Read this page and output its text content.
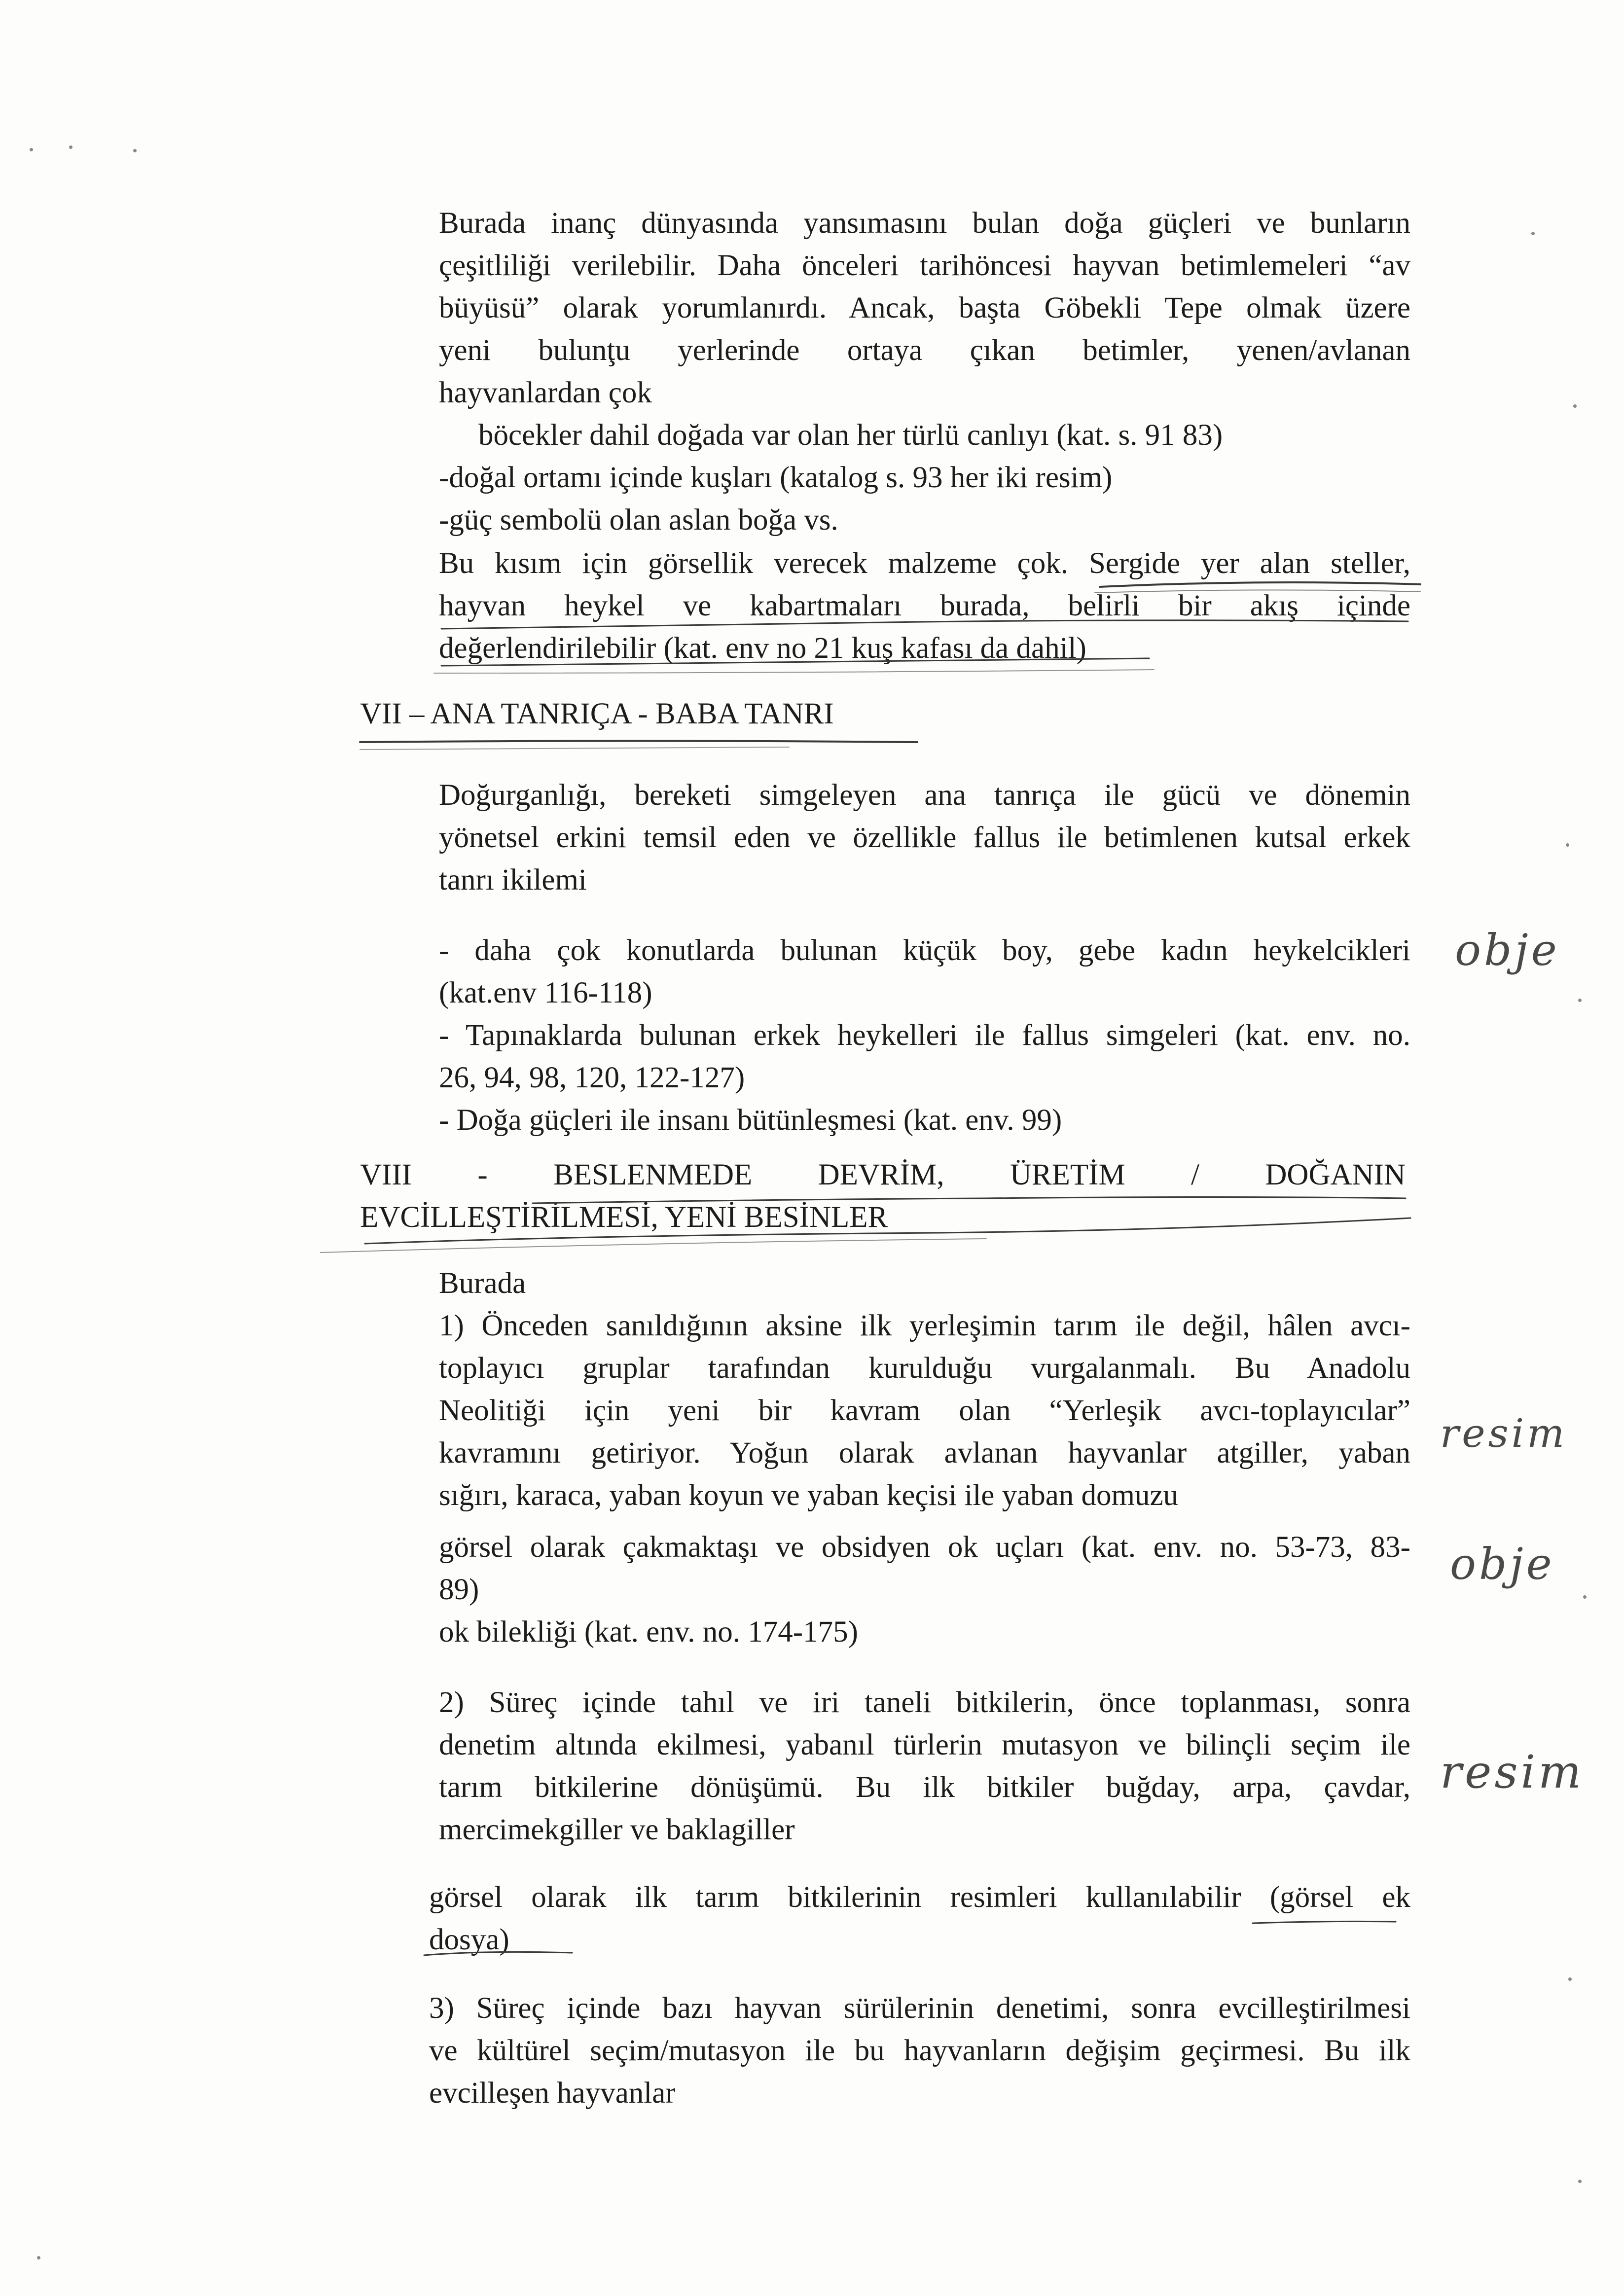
Burada inanç dünyasında yansımasını bulan doğa güçleri ve bunların

çeşitliliği verilebilir. Daha önceleri tarihöncesi hayvan betimlemeleri “av

büyüsü” olarak yorumlanırdı. Ancak, başta Göbekli Tepe olmak üzere

yeni bulunţu yerlerinde ortaya çıkan betimler, yenen/avlanan

hayvanlardan çok

böcekler dahil doğada var olan her türlü canlıyı (kat. s. 91 83)

-doğal ortamı içinde kuşları (katalog s. 93 her iki resim)

-güç sembolü olan aslan boğa vs.

Bu kısım için görsellik verecek malzeme çok. Sergide yer alan steller,

hayvan heykel ve kabartmaları burada, belirli bir akış içinde

değerlendirilebilir (kat. env no 21 kuş kafası da dahil)

VII – ANA TANRIÇA - BABA TANRI

Doğurganlığı, bereketi simgeleyen ana tanrıça ile gücü ve dönemin

yönetsel erkini temsil eden ve özellikle fallus ile betimlenen kutsal erkek

tanrı ikilemi

- daha çok konutlarda bulunan küçük boy, gebe kadın heykelcikleri

(kat.env 116-118)

- Tapınaklarda bulunan erkek heykelleri ile fallus simgeleri (kat. env. no.

26, 94, 98, 120, 122-127)

- Doğa güçleri ile insanı bütünleşmesi (kat. env. 99)

VIII - BESLENMEDE DEVRİM, ÜRETİM / DOĞANIN

EVCİLLEŞTİRİLMESİ, YENİ BESİNLER

Burada

1) Önceden sanıldığının aksine ilk yerleşimin tarım ile değil, hâlen avcı-

toplayıcı gruplar tarafından kurulduğu vurgalanmalı. Bu Anadolu

Neolitiği için yeni bir kavram olan “Yerleşik avcı-toplayıcılar”

kavramını getiriyor. Yoğun olarak avlanan hayvanlar atgiller, yaban

sığırı, karaca, yaban koyun ve yaban keçisi ile yaban domuzu

görsel olarak çakmaktaşı ve obsidyen ok uçları (kat. env. no. 53-73, 83-

89)

ok bilekliği (kat. env. no. 174-175)

2) Süreç içinde tahıl ve iri taneli bitkilerin, önce toplanması, sonra

denetim altında ekilmesi, yabanıl türlerin mutasyon ve bilinçli seçim ile

tarım bitkilerine dönüşümü. Bu ilk bitkiler buğday, arpa, çavdar,

mercimekgiller ve baklagiller

görsel olarak ilk tarım bitkilerinin resimleri kullanılabilir (görsel ek

dosya)

3) Süreç içinde bazı hayvan sürülerinin denetimi, sonra evcilleştirilmesi

ve kültürel seçim/mutasyon ile bu hayvanların değişim geçirmesi. Bu ilk

evcilleşen hayvanlar

obje
resim
obje
resim
